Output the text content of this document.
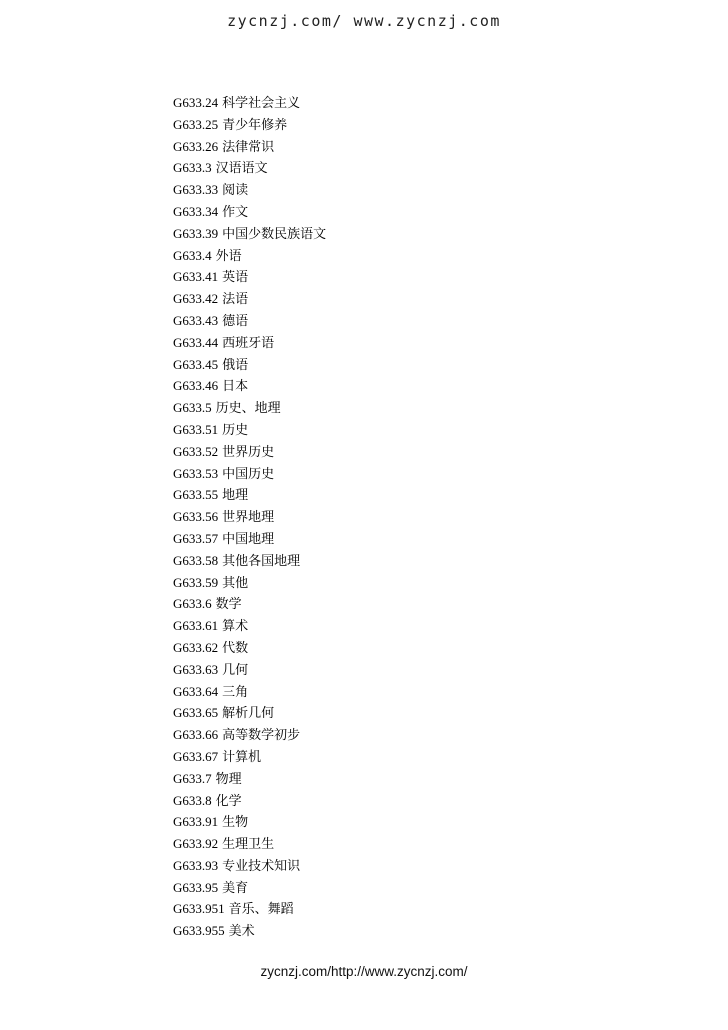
zycnzj.com/ www.zycnzj.com
G633.24 科学社会主义
G633.25 青少年修养
G633.26 法律常识
G633.3 汉语语文
G633.33 阅读
G633.34 作文
G633.39 中国少数民族语文
G633.4 外语
G633.41 英语
G633.42 法语
G633.43 德语
G633.44 西班牙语
G633.45 俄语
G633.46 日本
G633.5 历史、地理
G633.51 历史
G633.52 世界历史
G633.53 中国历史
G633.55 地理
G633.56 世界地理
G633.57 中国地理
G633.58 其他各国地理
G633.59 其他
G633.6 数学
G633.61 算术
G633.62 代数
G633.63 几何
G633.64 三角
G633.65 解析几何
G633.66 高等数学初步
G633.67 计算机
G633.7 物理
G633.8 化学
G633.91 生物
G633.92 生理卫生
G633.93 专业技术知识
G633.95 美育
G633.951 音乐、舞蹈
G633.955 美术
zycnzj.com/http://www.zycnzj.com/
